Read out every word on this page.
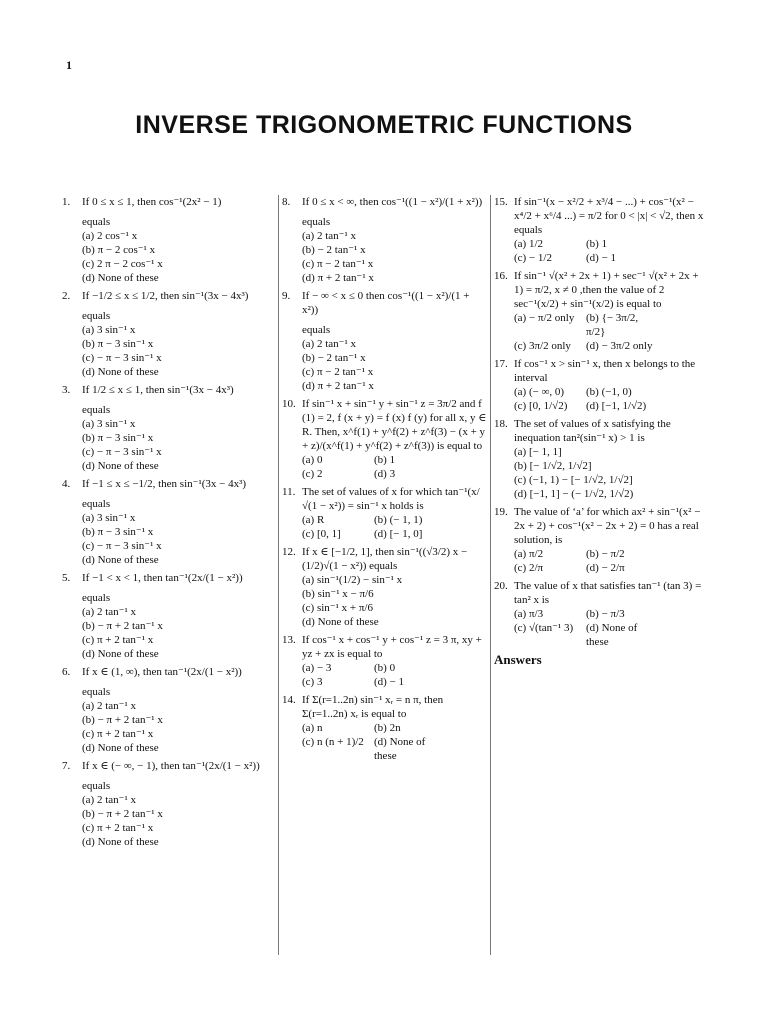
1
INVERSE TRIGONOMETRIC FUNCTIONS
1.	If 0 ≤ x ≤ 1, then cos⁻¹(2x² − 1)
equals
(a) 2 cos⁻¹ x
(b) π − 2 cos⁻¹ x
(c) 2 π − 2 cos⁻¹ x
(d) None of these
2.	If −1/2 ≤ x ≤ 1/2, then sin⁻¹(3x − 4x³)
equals
(a) 3 sin⁻¹ x
(b) π − 3 sin⁻¹ x
(c) − π − 3 sin⁻¹ x
(d) None of these
3.	If 1/2 ≤ x ≤ 1, then sin⁻¹(3x − 4x³)
equals
(a) 3 sin⁻¹ x
(b) π − 3 sin⁻¹ x
(c) − π − 3 sin⁻¹ x
(d) None of these
4.	If −1 ≤ x ≤ −1/2, then sin⁻¹(3x − 4x³)
equals
(a) 3 sin⁻¹ x
(b) π − 3 sin⁻¹ x
(c) − π − 3 sin⁻¹ x
(d) None of these
5.	If −1 < x < 1, then tan⁻¹(2x/(1 − x²))
equals
(a) 2 tan⁻¹ x
(b) − π + 2 tan⁻¹ x
(c) π + 2 tan⁻¹ x
(d) None of these
6.	If x ∈ (1, ∞), then tan⁻¹(2x/(1 − x²))
equals
(a) 2 tan⁻¹ x
(b) − π + 2 tan⁻¹ x
(c) π + 2 tan⁻¹ x
(d) None of these
7.	If x ∈ (− ∞, − 1), then tan⁻¹(2x/(1 − x²))
equals
(a) 2 tan⁻¹ x
(b) − π + 2 tan⁻¹ x
(c) π + 2 tan⁻¹ x
(d) None of these
8.	If 0 ≤ x < ∞, then cos⁻¹((1 − x²)/(1 + x²))
equals
(a) 2 tan⁻¹ x
(b) − 2 tan⁻¹ x
(c) π − 2 tan⁻¹ x
(d) π + 2 tan⁻¹ x
9.	If − ∞ < x ≤ 0 then cos⁻¹((1 − x²)/(1 + x²))
equals
(a) 2 tan⁻¹ x
(b) − 2 tan⁻¹ x
(c) π − 2 tan⁻¹ x
(d) π + 2 tan⁻¹ x
10. If sin⁻¹ x + sin⁻¹ y + sin⁻¹ z = 3π/2 and f (1) = 2, f (x + y) = f (x) f (y) for all x, y ∈ R. Then, x^f(1) + y^f(2) + z^f(3) − (x + y + z)/(x^f(1) + y^f(2) + z^f(3)) is equal to
(a) 0	(b) 1
(c) 2	(d) 3
11. The set of values of x for which tan⁻¹(x/√(1 − x²)) = sin⁻¹ x holds is
(a) R	(b) (− 1, 1)
(c) [0, 1]	(d) [− 1, 0]
12. If x ∈ [−1/2, 1], then sin⁻¹((√3/2) x − (1/2)√(1 − x²)) equals
(a) sin⁻¹(1/2) − sin⁻¹ x
(b) sin⁻¹ x − π/6
(c) sin⁻¹ x + π/6
(d) None of these
13. If cos⁻¹ x + cos⁻¹ y + cos⁻¹ z = 3 π, xy + yz + zx is equal to
(a) − 3	(b) 0
(c) 3	(d) − 1
14. If Σ(r=1..2n) sin⁻¹ xᵣ = n π, then Σ(r=1..2n) xᵣ is equal to
(a) n	(b) 2n
(c) n (n + 1)/2 (d) None of these
15. If sin⁻¹(x − x²/2 + x³/4 − ...) + cos⁻¹(x² − x⁴/2 + x⁶/4 ...) = π/2 for 0 < |x| < √2, then x equals
(a) 1/2	(b) 1
(c) − 1/2	(d) − 1
16. If sin⁻¹ √(x² + 2x + 1) + sec⁻¹ √(x² + 2x + 1) = π/2, x ≠ 0 ,then the value of 2 sec⁻¹(x/2) + sin⁻¹(x/2) is equal to
(a) − π/2 only	(b) {− 3π/2, π/2}
(c) 3π/2 only	(d) − 3π/2 only
17. If cos⁻¹ x > sin⁻¹ x, then x belongs to the interval
(a) (− ∞, 0)	(b) (−1, 0)
(c) [0, 1/√2)	(d) [−1, 1/√2)
18. The set of values of x satisfying the inequation tan²(sin⁻¹ x) > 1 is
(a) [− 1, 1]
(b) [− 1/√2, 1/√2]
(c) (−1, 1) − [− 1/√2, 1/√2]
(d) [−1, 1] − (− 1/√2, 1/√2)
19. The value of ‘a’ for which ax² + sin⁻¹(x² − 2x + 2) + cos⁻¹(x² − 2x + 2) = 0 has a real solution, is
(a) π/2	(b) − π/2
(c) 2/π	(d) − 2/π
20. The value of x that satisfies tan⁻¹ (tan 3) = tan² x is
(a) π/3	(b) − π/3
(c) √(tan⁻¹ 3)	(d) None of these
Answers
